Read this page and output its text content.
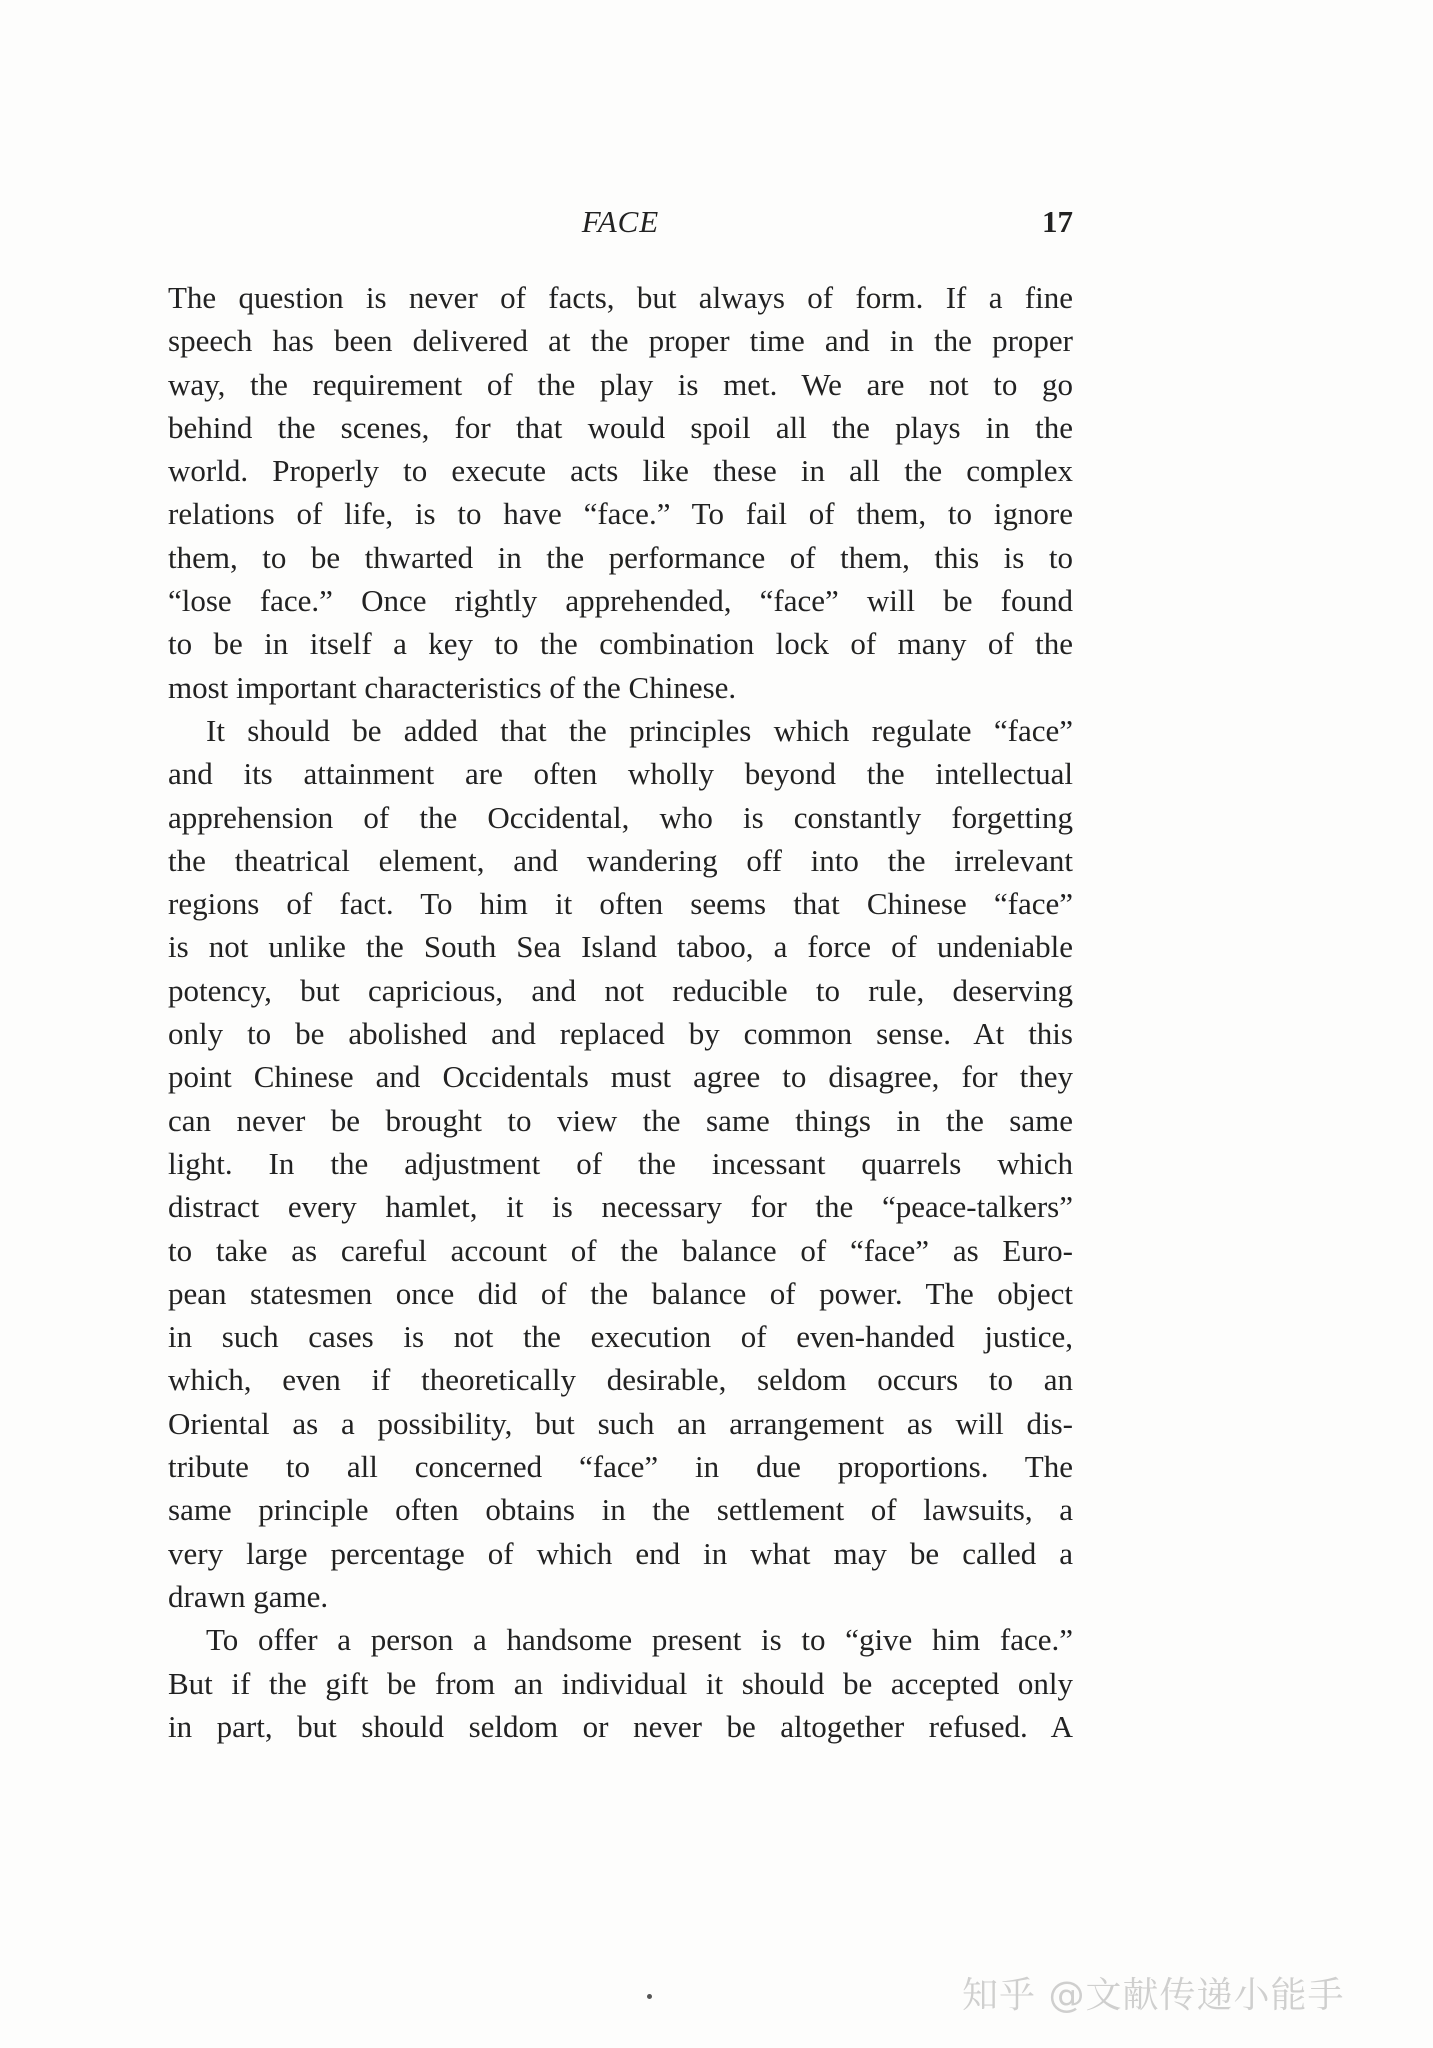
FACE	17

The question is never of facts, but always of form. If a fine
speech has been delivered at the proper time and in the proper
way, the requirement of the play is met. We are not to go
behind the scenes, for that would spoil all the plays in the
world. Properly to execute acts like these in all the complex
relations of life, is to have “face.” To fail of them, to ignore
them, to be thwarted in the performance of them, this is to
“lose face.” Once rightly apprehended, “face” will be found
to be in itself a key to the combination lock of many of the
most important characteristics of the Chinese.

It should be added that the principles which regulate “face”
and its attainment are often wholly beyond the intellectual
apprehension of the Occidental, who is constantly forgetting
the theatrical element, and wandering off into the irrelevant
regions of fact. To him it often seems that Chinese “face”
is not unlike the South Sea Island taboo, a force of undeniable
potency, but capricious, and not reducible to rule, deserving
only to be abolished and replaced by common sense. At this
point Chinese and Occidentals must agree to disagree, for they
can never be brought to view the same things in the same
light. In the adjustment of the incessant quarrels which
distract every hamlet, it is necessary for the “peace-talkers”
to take as careful account of the balance of “face” as Euro-
pean statesmen once did of the balance of power. The object
in such cases is not the execution of even-handed justice,
which, even if theoretically desirable, seldom occurs to an
Oriental as a possibility, but such an arrangement as will dis-
tribute to all concerned “face” in due proportions. The
same principle often obtains in the settlement of lawsuits, a
very large percentage of which end in what may be called a
drawn game.

To offer a person a handsome present is to “give him face.”
But if the gift be from an individual it should be accepted only
in part, but should seldom or never be altogether refused. A

知乎 @文献传递小能手
